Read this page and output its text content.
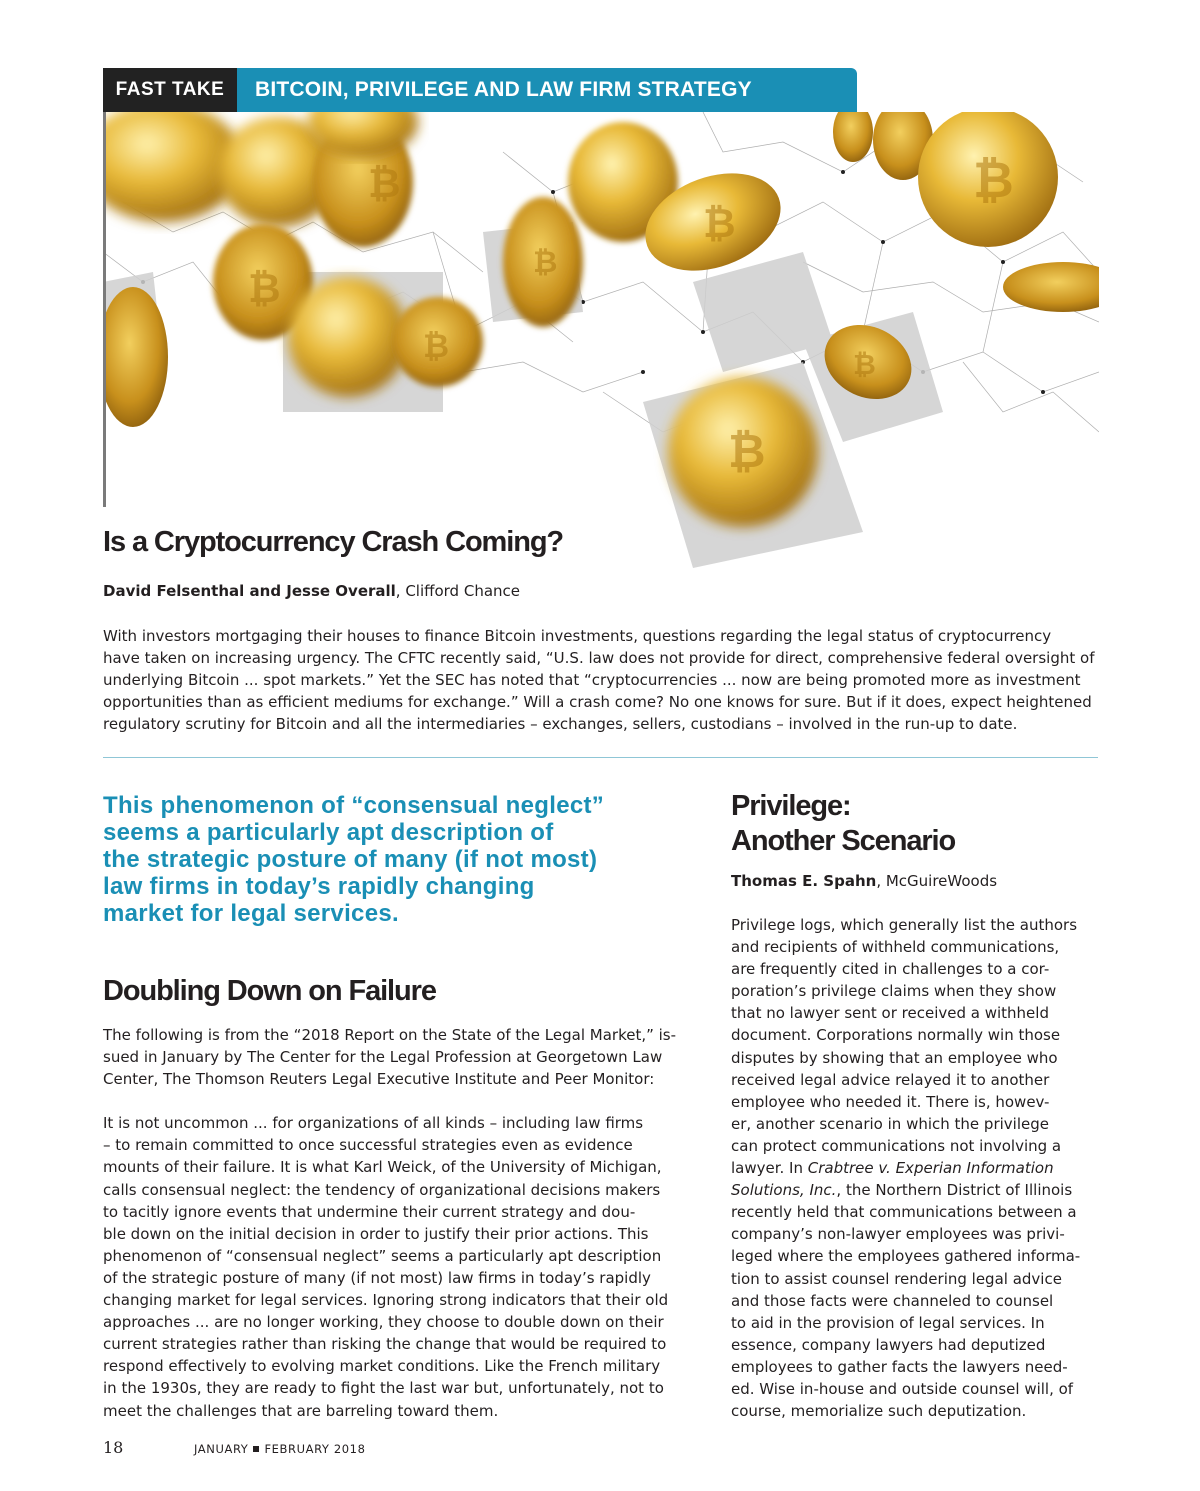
FAST TAKE	BITCOIN, PRIVILEGE AND LAW FIRM STRATEGY
₿
₿
₿
₿
₿
₿	₿
₿
Is a Cryptocurrency Crash Coming?
David Felsenthal and Jesse Overall, Clifford Chance
With investors mortgaging their houses to finance Bitcoin investments, questions regarding the legal status of cryptocurrency
have taken on increasing urgency. The CFTC recently said, “U.S. law does not provide for direct, comprehensive federal oversight of
underlying Bitcoin ... spot markets.” Yet the SEC has noted that “cryptocurrencies ... now are being promoted more as investment
opportunities than as efficient mediums for exchange.” Will a crash come? No one knows for sure. But if it does, expect heightened
regulatory scrutiny for Bitcoin and all the intermediaries – exchanges, sellers, custodians – involved in the run-up to date.
This phenomenon of “consensual neglect”
seems a particularly apt description of
the strategic posture of many (if not most)
law firms in today’s rapidly changing
market for legal services.
Doubling Down on Failure

The following is from the “2018 Report on the State of the Legal Market,” is-

sued in January by The Center for the Legal Profession at Georgetown Law

Center, The Thomson Reuters Legal Executive Institute and Peer Monitor:

It is not uncommon ... for organizations of all kinds – including law firms

– to remain committed to once successful strategies even as evidence

mounts of their failure. It is what Karl Weick, of the University of Michigan,

calls consensual neglect: the tendency of organizational decisions makers

to tacitly ignore events that undermine their current strategy and dou-

ble down on the initial decision in order to justify their prior actions. This

phenomenon of “consensual neglect” seems a particularly apt description

of the strategic posture of many (if not most) law firms in today’s rapidly

changing market for legal services. Ignoring strong indicators that their old

approaches ... are no longer working, they choose to double down on their

current strategies rather than risking the change that would be required to

respond effectively to evolving market conditions. Like the French military

in the 1930s, they are ready to fight the last war but, unfortunately, not to

meet the challenges that are barreling toward them.

Privilege:
Another Scenario
Thomas E. Spahn, McGuireWoods

Privilege logs, which generally list the authors

and recipients of withheld communications,

are frequently cited in challenges to a cor-

poration’s privilege claims when they show

that no lawyer sent or received a withheld

document. Corporations normally win those

disputes by showing that an employee who

received legal advice relayed it to another

employee who needed it. There is, howev-

er, another scenario in which the privilege

can protect communications not involving a

lawyer. In Crabtree v. Experian Information

Solutions, Inc., the Northern District of Illinois

recently held that communications between a

company’s non-lawyer employees was privi-

leged where the employees gathered informa-

tion to assist counsel rendering legal advice

and those facts were channeled to counsel

to aid in the provision of legal services. In

essence, company lawyers had deputized

employees to gather facts the lawyers need-

ed. Wise in-house and outside counsel will, of

course, memorialize such deputization.

18	JANUARY FEBRUARY 2018
